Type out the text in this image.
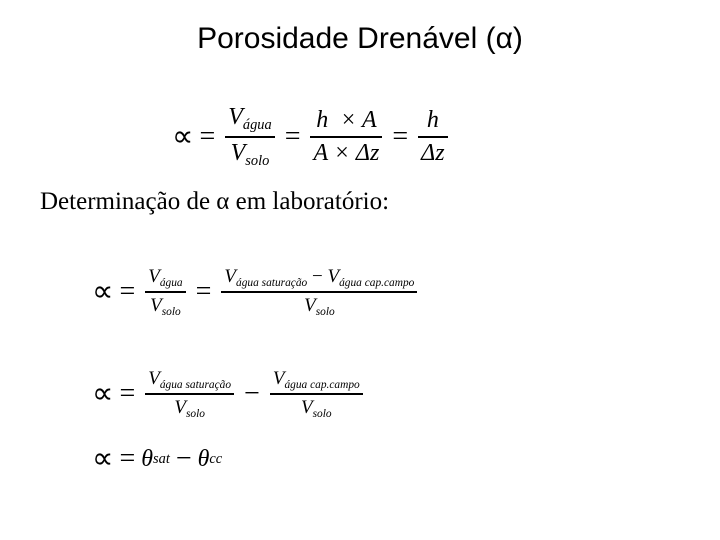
Porosidade Drenável (α)
∝ = $\frac{V_{água}}{V_{solo}} = \frac{h \times A}{A \times \Delta z} = \frac{h}{\Delta z}$
Determinação de α em laboratório:
∝ = $\frac{V_{água}}{V_{solo}} = \frac{V_{água saturação} - V_{água cap.campo}}{V_{solo}}$
∝ = $\frac{V_{água saturação}}{V_{solo}} - \frac{V_{água cap.campo}}{V_{solo}}$
∝ = θ sat − θ cc
